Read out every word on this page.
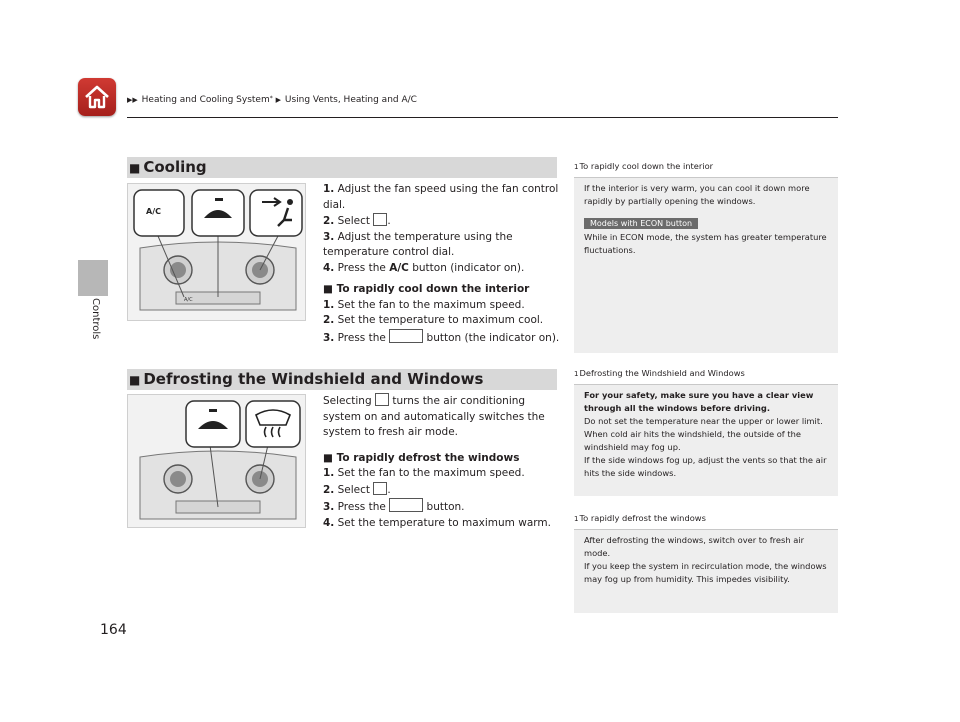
▶▶ Heating and Cooling System* ▶ Using Vents, Heating and A/C
Controls
■ Cooling
A/C
A/C
1. Adjust the fan speed using the fan control dial.
2. Select .
3. Adjust the temperature using the temperature control dial.
4. Press the A/C button (indicator on).
■ To rapidly cool down the interior
1. Set the fan to the maximum speed.
2. Set the temperature to maximum cool.
3. Press the	button (the indicator on).
■ Defrosting the Windshield and Windows
Selecting turns the air conditioning system on and automatically switches the system to fresh air mode.
■ To rapidly defrost the windows
1. Set the fan to the maximum speed.
2. Select .
3. Press the	button.
4. Set the temperature to maximum warm.
1To rapidly cool down the interior
If the interior is very warm, you can cool it down more rapidly by partially opening the windows.
Models with ECON button
While in ECON mode, the system has greater temperature fluctuations.
1Defrosting the Windshield and Windows
For your safety, make sure you have a clear view through all the windows before driving.
Do not set the temperature near the upper or lower limit.
When cold air hits the windshield, the outside of the windshield may fog up.
If the side windows fog up, adjust the vents so that the air hits the side windows.
1To rapidly defrost the windows
After defrosting the windows, switch over to fresh air mode.
If you keep the system in recirculation mode, the windows may fog up from humidity. This impedes visibility.
164
